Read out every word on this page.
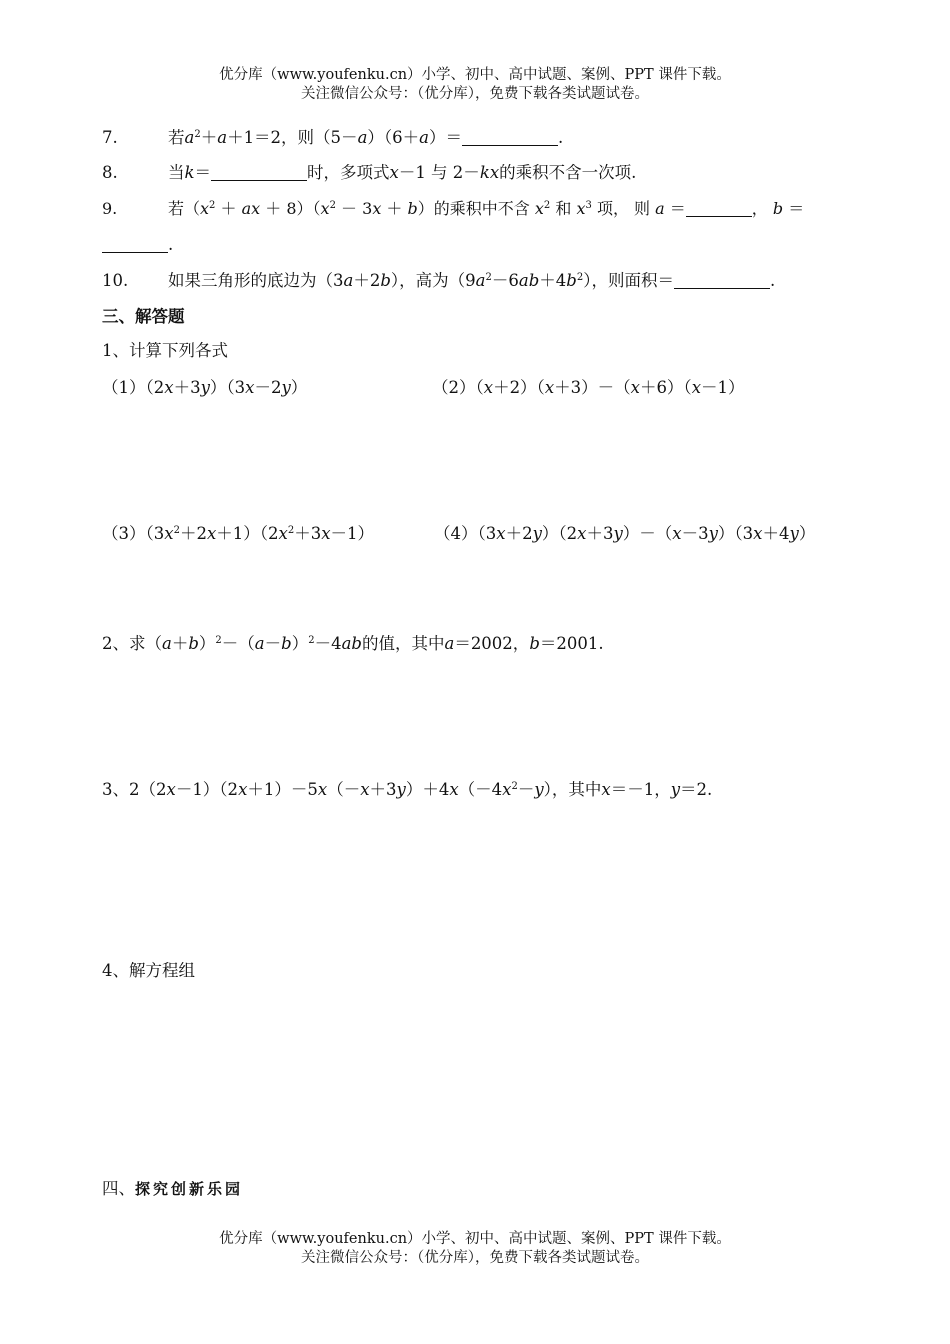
优分库（www.youfenku.cn）小学、初中、高中试题、案例、PPT 课件下载。
关注微信公众号：（优分库），免费下载各类试题试卷。
7.	若$a^2+a+1=2$，则（5－a）（6＋a）＝	.
8.	当k＝	时，多项式x－1 与 2－kx的乘积不含一次项.
9.	若（$x^2$ ＋ ax ＋ $8)(x^2 - 3x + b)$的乘积中不含 $x^2$ 和 $x^3$ 项， 则 a ＝	， b ＝
.
10. 如果三角形的底边为（3a＋2b），高为$(9a^2-6ab+4b^2)$，则面积＝	.
三、解答题
1、计算下列各式
（1）（2x＋3y）（3x－2y）	（2）（x＋2）（x＋3）－（x＋6）（x－1）
$(3)(3x^2+2x+1)(2x^2+3x-1)$	（4）（3x＋2y）（2x＋3y）－（x－3y）（3x＋4y）
2、求$(a+b)^2-(a-b)^2-4ab$的值，其中a＝2002，b＝2001.
3、$2(2x-1)(2x+1)-5x(-x+3y)+4x(-4x^2-y)$，其中x＝－1，y＝2.
4、解方程组
四、探究创新乐园
优分库（www.youfenku.cn）小学、初中、高中试题、案例、PPT 课件下载。
关注微信公众号：（优分库），免费下载各类试题试卷。
